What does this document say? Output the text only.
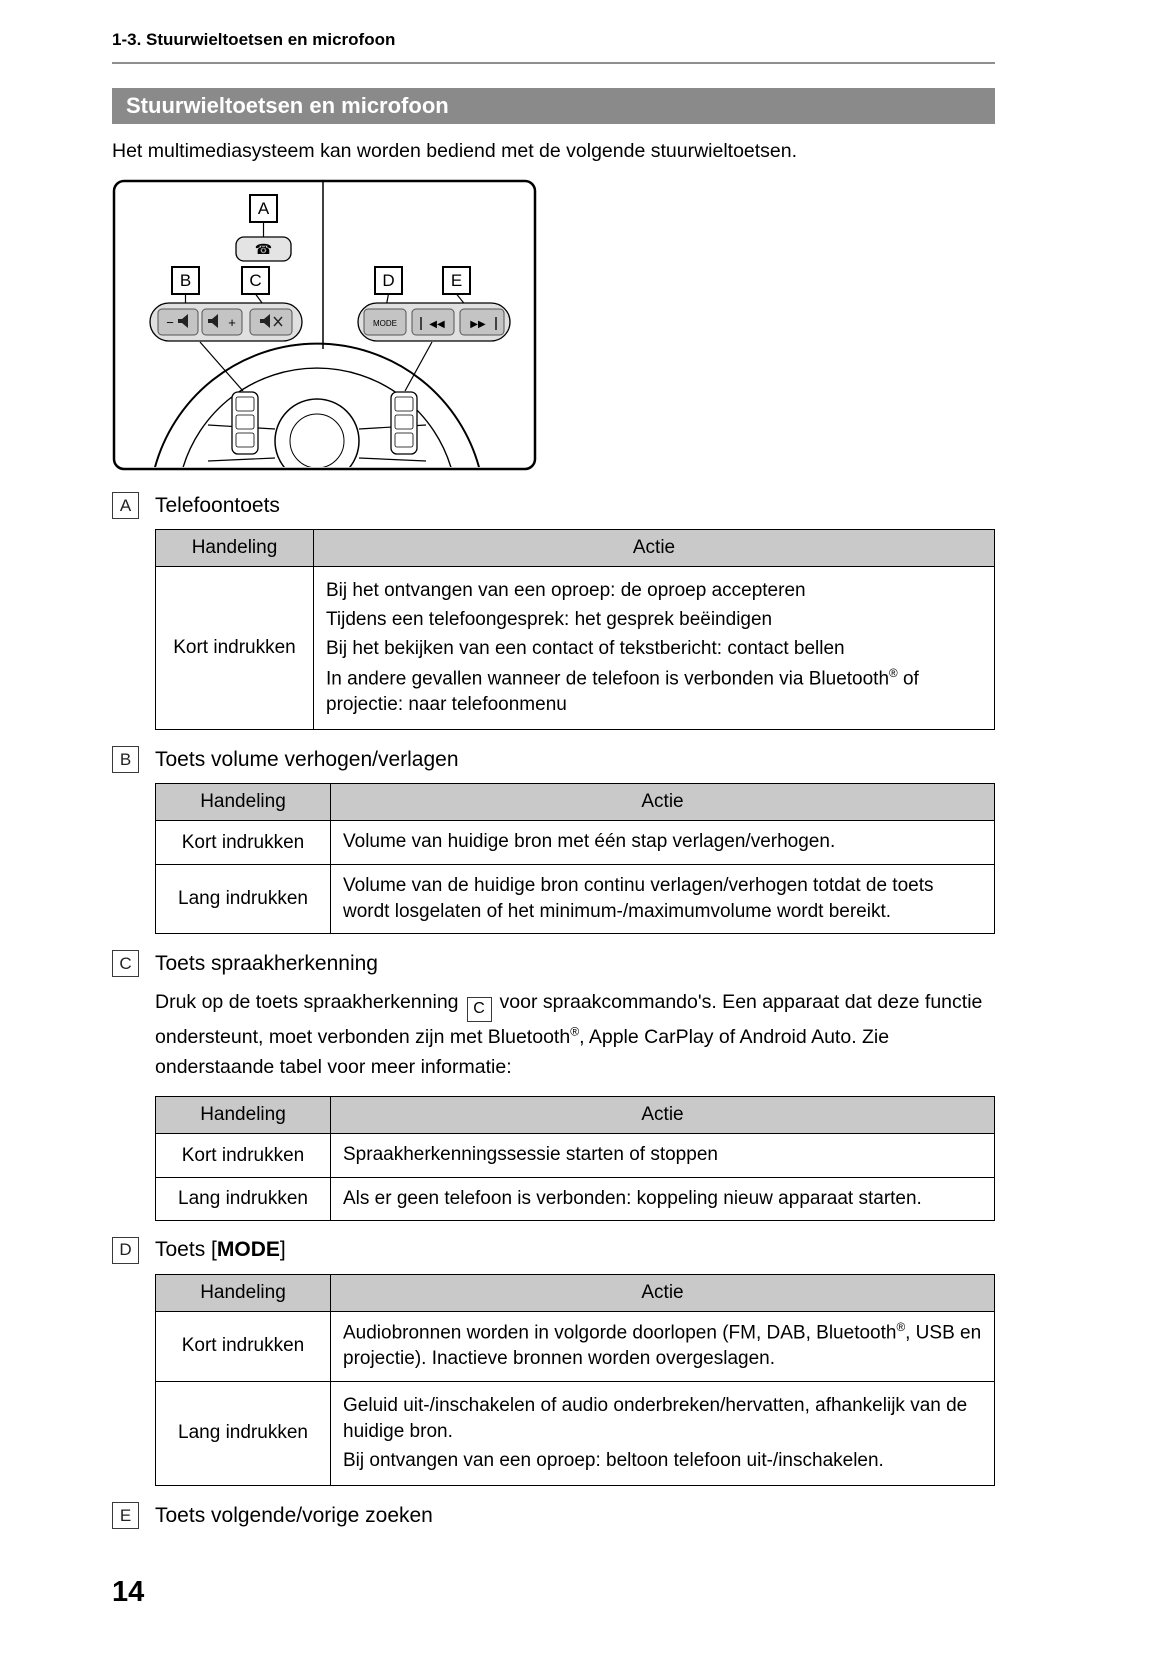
1-3. Stuurwieltoetsen en microfoon
Stuurwieltoetsen en microfoon

Het multimediasysteem kan worden bediend met de volgende stuurwieltoetsen.

A
☎
B	C
−	+
D	E
MODE	◀◀	▶▶
A	Telefoontoets
Handeling	Actie
Kort indrukken	Bij het ontvangen van een oproep: de oproep accepteren

Tijdens een telefoongesprek: het gesprek beëindigen

Bij het bekijken van een contact of tekstbericht: contact bellen

In andere gevallen wanneer de telefoon is verbonden via Bluetooth® of projectie: naar telefoonmenu

B	Toets volume verhogen/verlagen
Handeling	Actie
Kort indrukken	Volume van huidige bron met één stap verlagen/verhogen.
Lang indrukken	Volume van de huidige bron continu verlagen/verhogen totdat de toets wordt losgelaten of het minimum-/maximumvolume wordt bereikt.
C	Toets spraakherkenning

Druk op de toets spraakherkenning C voor spraakcommando's. Een apparaat dat deze functie ondersteunt, moet verbonden zijn met Bluetooth®, Apple CarPlay of Android Auto. Zie onderstaande tabel voor meer informatie:

Handeling	Actie
Kort indrukken	Spraakherkenningssessie starten of stoppen
Lang indrukken	Als er geen telefoon is verbonden: koppeling nieuw apparaat starten.
D	Toets [MODE]
Handeling	Actie
Kort indrukken	Audiobronnen worden in volgorde doorlopen (FM, DAB, Bluetooth®, USB en projectie). Inactieve bronnen worden overgeslagen.
Lang indrukken	Geluid uit-/inschakelen of audio onderbreken/hervatten, afhankelijk van de huidige bron.

Bij ontvangen van een oproep: beltoon telefoon uit-/inschakelen.

E	Toets volgende/vorige zoeken
14
